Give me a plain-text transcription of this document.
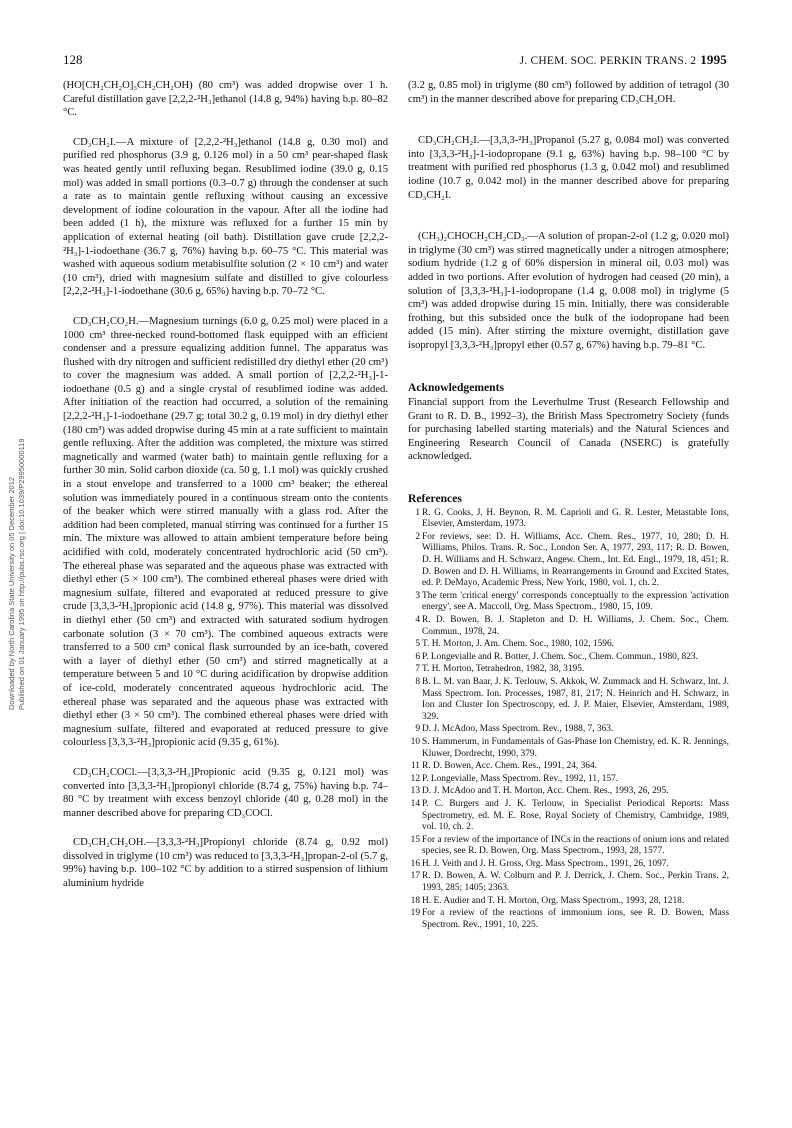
Downloaded by North Carolina State University on 05 December 2012 Published on 01 January 1995 on http://pubs.rsc.org | doi:10.1039/P29950000119
128	J. CHEM. SOC. PERKIN TRANS. 2 1995

(HO[CH₂CH₂O]₃CH₂CH₂OH) (80 cm³) was added dropwise over 1 h. Careful distillation gave [2,2,2-²H₃]ethanol (14.8 g, 94%) having b.p. 80–82 °C.

CD₃CH₂I.—A mixture of [2,2,2-²H₃]ethanol (14.8 g, 0.30 mol) and purified red phosphorus (3.9 g, 0.126 mol) in a 50 cm³ pear-shaped flask was heated gently until refluxing began. Resublimed iodine (39.0 g, 0.15 mol) was added in small portions (0.3–0.7 g) through the condenser at such a rate as to maintain gentle refluxing without causing an excessive development of iodine colouration in the vapour. After all the iodine had been added (1 h), the mixture was refluxed for a further 15 min by application of external heating (oil bath). Distillation gave crude [2,2,2-²H₃]-1-iodoethane (36.7 g, 76%) having b.p. 60–75 °C. This material was washed with aqueous sodium metabisulfite solution (2 × 10 cm³) and water (10 cm³), dried with magnesium sulfate and distilled to give colourless [2,2,2-²H₃]-1-iodoethane (30.6 g, 65%) having b.p. 70–72 °C.

CD₃CH₂CO₂H.—Magnesium turnings (6.0 g, 0.25 mol) were placed in a 1000 cm³ three-necked round-bottomed flask equipped with an efficient condenser and a pressure equalizing addition funnel. The apparatus was flushed with dry nitrogen and sufficient redistilled dry diethyl ether (20 cm³) to cover the magnesium was added. A small portion of [2,2,2-²H₃]-1-iodoethane (0.5 g) and a single crystal of resublimed iodine was added. After initiation of the reaction had occurred, a solution of the remaining [2,2,2-²H₃]-1-iodoethane (29.7 g; total 30.2 g, 0.19 mol) in dry diethyl ether (180 cm³) was added dropwise during 45 min at a rate sufficient to maintain gentle refluxing. After the addition was completed, the mixture was stirred magnetically and warmed (water bath) to maintain gentle refluxing for a further 30 min. Solid carbon dioxide (ca. 50 g, 1.1 mol) was quickly crushed in a stout envelope and transferred to a 1000 cm³ beaker; the ethereal solution was immediately poured in a continuous stream onto the contents of the beaker which were stirred manually with a glass rod. After the addition had been completed, manual stirring was continued for a further 15 min. The mixture was allowed to attain ambient temperature before being acidified with cold, moderately concentrated hydrochloric acid (50 cm³). The ethereal phase was separated and the aqueous phase was extracted with diethyl ether (5 × 100 cm³). The combined ethereal phases were dried with magnesium sulfate, filtered and evaporated at reduced pressure to give crude [3,3,3-²H₃]propionic acid (14.8 g, 97%). This material was dissolved in diethyl ether (50 cm³) and extracted with saturated sodium hydrogen carbonate solution (3 × 70 cm³). The combined aqueous extracts were transferred to a 500 cm³ conical flask surrounded by an ice-bath, covered with a layer of diethyl ether (50 cm³) and stirred magnetically at a temperature between 5 and 10 °C during acidification by dropwise addition of ice-cold, moderately concentrated aqueous hydrochloric acid. The ethereal phase was separated and the aqueous phase was extracted with diethyl ether (3 × 50 cm³). The combined ethereal phases were dried with magnesium sulfate, filtered and evaporated at reduced pressure to give colourless [3,3,3-²H₃]propionic acid (9.35 g, 61%).

CD₃CH₂COCl.—[3,3,3-²H₃]Propionic acid (9.35 g, 0.121 mol) was converted into [3,3,3-²H₃]propionyl chloride (8.74 g, 75%) having b.p. 74–80 °C by treatment with excess benzoyl chloride (40 g, 0.28 mol) in the manner described above for preparing CD₃COCl.

CD₃CH₂CH₂OH.—[3,3,3-²H₃]Propionyl chloride (8.74 g, 0.92 mol) dissolved in triglyme (10 cm³) was reduced to [3,3,3-²H₃]propan-2-ol (5.7 g, 99%) having b.p. 100–102 °C by addition to a stirred suspension of lithium aluminium hydride

(3.2 g, 0.85 mol) in triglyme (80 cm³) followed by addition of tetragol (30 cm³) in the manner described above for preparing CD₃CH₂OH.

CD₃CH₂CH₂I.—[3,3,3-²H₃]Propanol (5.27 g, 0.084 mol) was converted into [3,3,3-²H₃]-1-iodopropane (9.1 g, 63%) having b.p. 98–100 °C by treatment with purified red phosphorus (1.3 g, 0.042 mol) and resublimed iodine (10.7 g, 0.042 mol) in the manner described above for preparing CD₃CH₂I.

(CH₃)₂CHOCH₂CH₂CD₃.—A solution of propan-2-ol (1.2 g, 0.020 mol) in triglyme (30 cm³) was stirred magnetically under a nitrogen atmosphere; sodium hydride (1.2 g of 60% dispersion in mineral oil, 0.03 mol) was added in two portions. After evolution of hydrogen had ceased (20 min), a solution of [3,3,3-²H₃]-1-iodopropane (1.4 g, 0.008 mol) in triglyme (5 cm³) was added dropwise during 15 min. Initially, there was considerable frothing, but this subsided once the bulk of the iodopropane had been added (15 min). After stirring the mixture overnight, distillation gave isopropyl [3,3,3-²H₃]propyl ether (0.57 g, 67%) having b.p. 79–81 °C.

Acknowledgements

Financial support from the Leverhulme Trust (Research Fellowship and Grant to R. D. B., 1992–3), the British Mass Spectrometry Society (funds for purchasing labelled starting materials) and the Natural Sciences and Engineering Research Council of Canada (NSERC) is gratefully acknowledged.

References
1 R. G. Cooks, J. H. Beynon, R. M. Caprioli and G. R. Lester, Metastable Ions, Elsevier, Amsterdam, 1973.
2 For reviews, see: D. H. Williams, Acc. Chem. Res., 1977, 10, 280; D. H. Williams, Philos. Trans. R. Soc., London Ser. A, 1977, 293, 117; R. D. Bowen, D. H. Williams and H. Schwarz, Angew. Chem., Int. Ed. Engl., 1979, 18, 451; R. D. Bowen and D. H. Williams, in Rearrangements in Ground and Excited States, ed. P. DeMayo, Academic Press, New York, 1980, vol. 1, ch. 2.
3 The term 'critical energy' corresponds conceptually to the expression 'activation energy', see A. Maccoll, Org. Mass Spectrom., 1980, 15, 109.
4 R. D. Bowen, B. J. Stapleton and D. H. Williams, J. Chem. Soc., Chem. Commun., 1978, 24.
5 T. H. Morton, J. Am. Chem. Soc., 1980, 102, 1596.
6 P. Longevialle and R. Botter, J. Chem. Soc., Chem. Commun., 1980, 823.
7 T. H. Morton, Tetrahedron, 1982, 38, 3195.
8 B. L. M. van Baar, J. K. Terlouw, S. Akkok, W. Zummack and H. Schwarz, Int. J. Mass Spectrom. Ion. Processes, 1987, 81, 217; N. Heinrich and H. Schwarz, in Ion and Cluster Ion Spectroscopy, ed. J. P. Maier, Elsevier, Amsterdam, 1989, 329.
9 D. J. McAdoo, Mass Spectrom. Rev., 1988, 7, 363.
10 S. Hammerum, in Fundamentals of Gas-Phase Ion Chemistry, ed. K. R. Jennings, Kluwer, Dordrecht, 1990, 379.
11 R. D. Bowen, Acc. Chem. Res., 1991, 24, 364.
12 P. Longevialle, Mass Spectrom. Rev., 1992, 11, 157.
13 D. J. McAdoo and T. H. Morton, Acc. Chem. Res., 1993, 26, 295.
14 P. C. Burgers and J. K. Terlouw, in Specialist Periodical Reports: Mass Spectrometry, ed. M. E. Rose, Royal Society of Chemistry, Cambridge, 1989, vol. 10, ch. 2.
15 For a review of the importance of INCs in the reactions of onium ions and related species, see R. D. Bowen, Org. Mass Spectrom., 1993, 28, 1577.
16 H. J. Veith and J. H. Gross, Org. Mass Spectrom., 1991, 26, 1097.
17 R. D. Bowen, A. W. Colburn and P. J. Derrick, J. Chem. Soc., Perkin Trans. 2, 1993, 285; 1405; 2363.
18 H. E. Audier and T. H. Morton, Org. Mass Spectrom., 1993, 28, 1218.
19 For a review of the reactions of immonium ions, see R. D. Bowen, Mass Spectrom. Rev., 1991, 10, 225.
